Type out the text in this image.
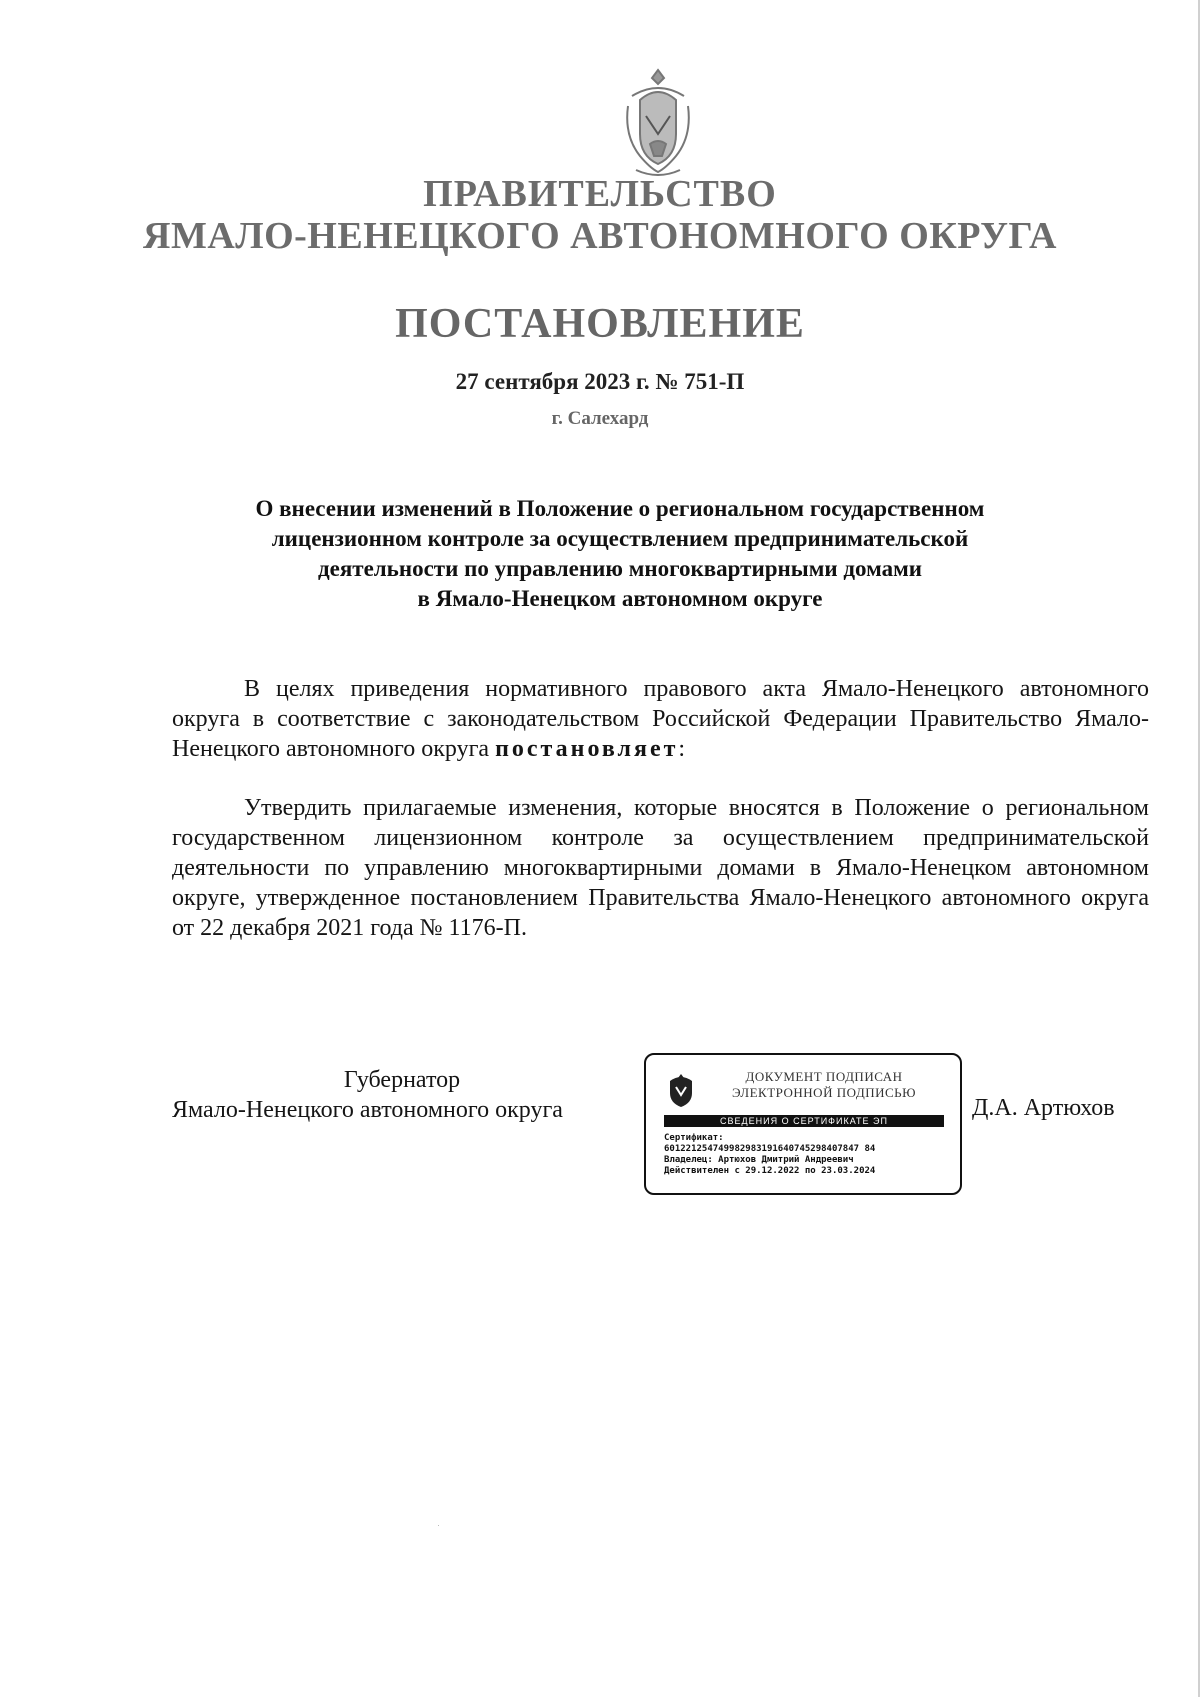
ПРАВИТЕЛЬСТВО
ЯМАЛО-НЕНЕЦКОГО АВТОНОМНОГО ОКРУГА
ПОСТАНОВЛЕНИЕ
27 сентября 2023 г. № 751-П
г. Салехард
О внесении изменений в Положение о региональном государственном
лицензионном контроле за осуществлением предпринимательской
деятельности по управлению многоквартирными домами
в Ямало-Ненецком автономном округе
В целях приведения нормативного правового акта Ямало-Ненецкого автономного округа в соответствие с законодательством Российской Федерации Правительство Ямало-Ненецкого автономного округа постановляет:
Утвердить прилагаемые изменения, которые вносятся в Положение о региональном государственном лицензионном контроле за осуществлением предпринимательской деятельности по управлению многоквартирными домами в Ямало-Ненецком автономном округе, утвержденное постановлением Правительства Ямало-Ненецкого автономного округа от 22 декабря 2021 года № 1176-П.
Губернатор
Ямало-Ненецкого автономного округа
ДОКУМЕНТ ПОДПИСАН
ЭЛЕКТРОННОЙ ПОДПИСЬЮ
СВЕДЕНИЯ О СЕРТИФИКАТЕ ЭП
Сертификат:
601221254749982983191640745298407847 84
Владелец: Артюхов Дмитрий Андреевич
Действителен с 29.12.2022 по 23.03.2024
Д.А. Артюхов
